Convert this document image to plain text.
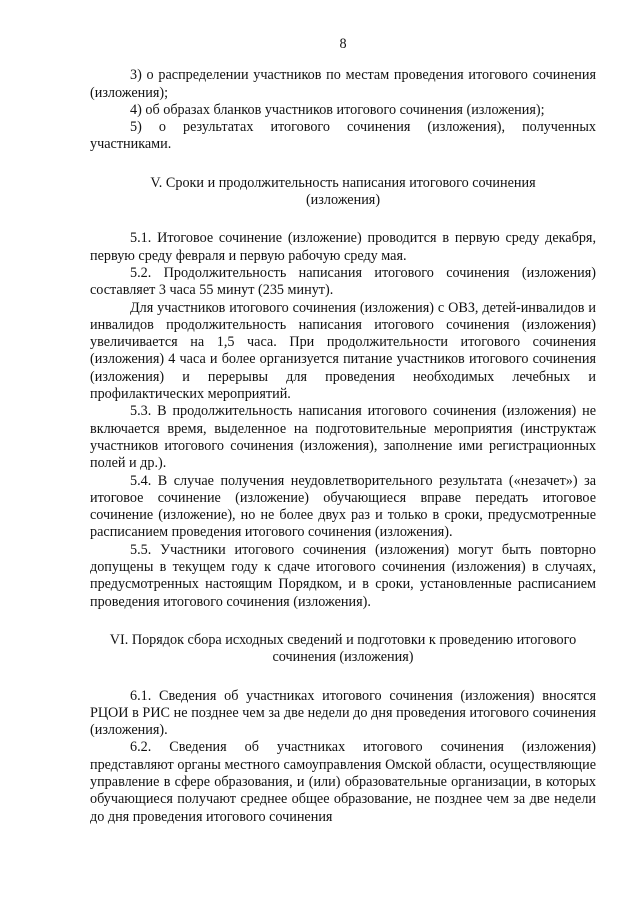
8

3) о распределении участников по местам проведения итогового сочинения (изложения);

4) об образах бланков участников итогового сочинения (изложения);

5) о результатах итогового сочинения (изложения), полученных участниками.

V. Сроки и продолжительность написания итогового сочинения

(изложения)

5.1. Итоговое сочинение (изложение) проводится в первую среду декабря, первую среду февраля и первую рабочую среду мая.

5.2. Продолжительность написания итогового сочинения (изложения) составляет 3 часа 55 минут (235 минут).

Для участников итогового сочинения (изложения) с ОВЗ, детей-инвалидов и инвалидов продолжительность написания итогового сочинения (изложения) увеличивается на 1,5 часа. При продолжительности итогового сочинения (изложения) 4 часа и более организуется питание участников итогового сочинения (изложения) и перерывы для проведения необходимых лечебных и профилактических мероприятий.

5.3. В продолжительность написания итогового сочинения (изложения) не включается время, выделенное на подготовительные мероприятия (инструктаж участников итогового сочинения (изложения), заполнение ими регистрационных полей и др.).

5.4. В случае получения неудовлетворительного результата («незачет») за итоговое сочинение (изложение) обучающиеся вправе передать итоговое сочинение (изложение), но не более двух раз и только в сроки, предусмотренные расписанием проведения итогового сочинения (изложения).

5.5. Участники итогового сочинения (изложения) могут быть повторно допущены в текущем году к сдаче итогового сочинения (изложения) в случаях, предусмотренных настоящим Порядком, и в сроки, установленные расписанием проведения итогового сочинения (изложения).

VI. Порядок сбора исходных сведений и подготовки к проведению итогового

сочинения (изложения)

6.1. Сведения об участниках итогового сочинения (изложения) вносятся РЦОИ в РИС не позднее чем за две недели до дня проведения итогового сочинения (изложения).

6.2. Сведения об участниках итогового сочинения (изложения) представляют органы местного самоуправления Омской области, осуществляющие управление в сфере образования, и (или) образовательные организации, в которых обучающиеся получают среднее общее образование, не позднее чем за две недели до дня проведения итогового сочинения
